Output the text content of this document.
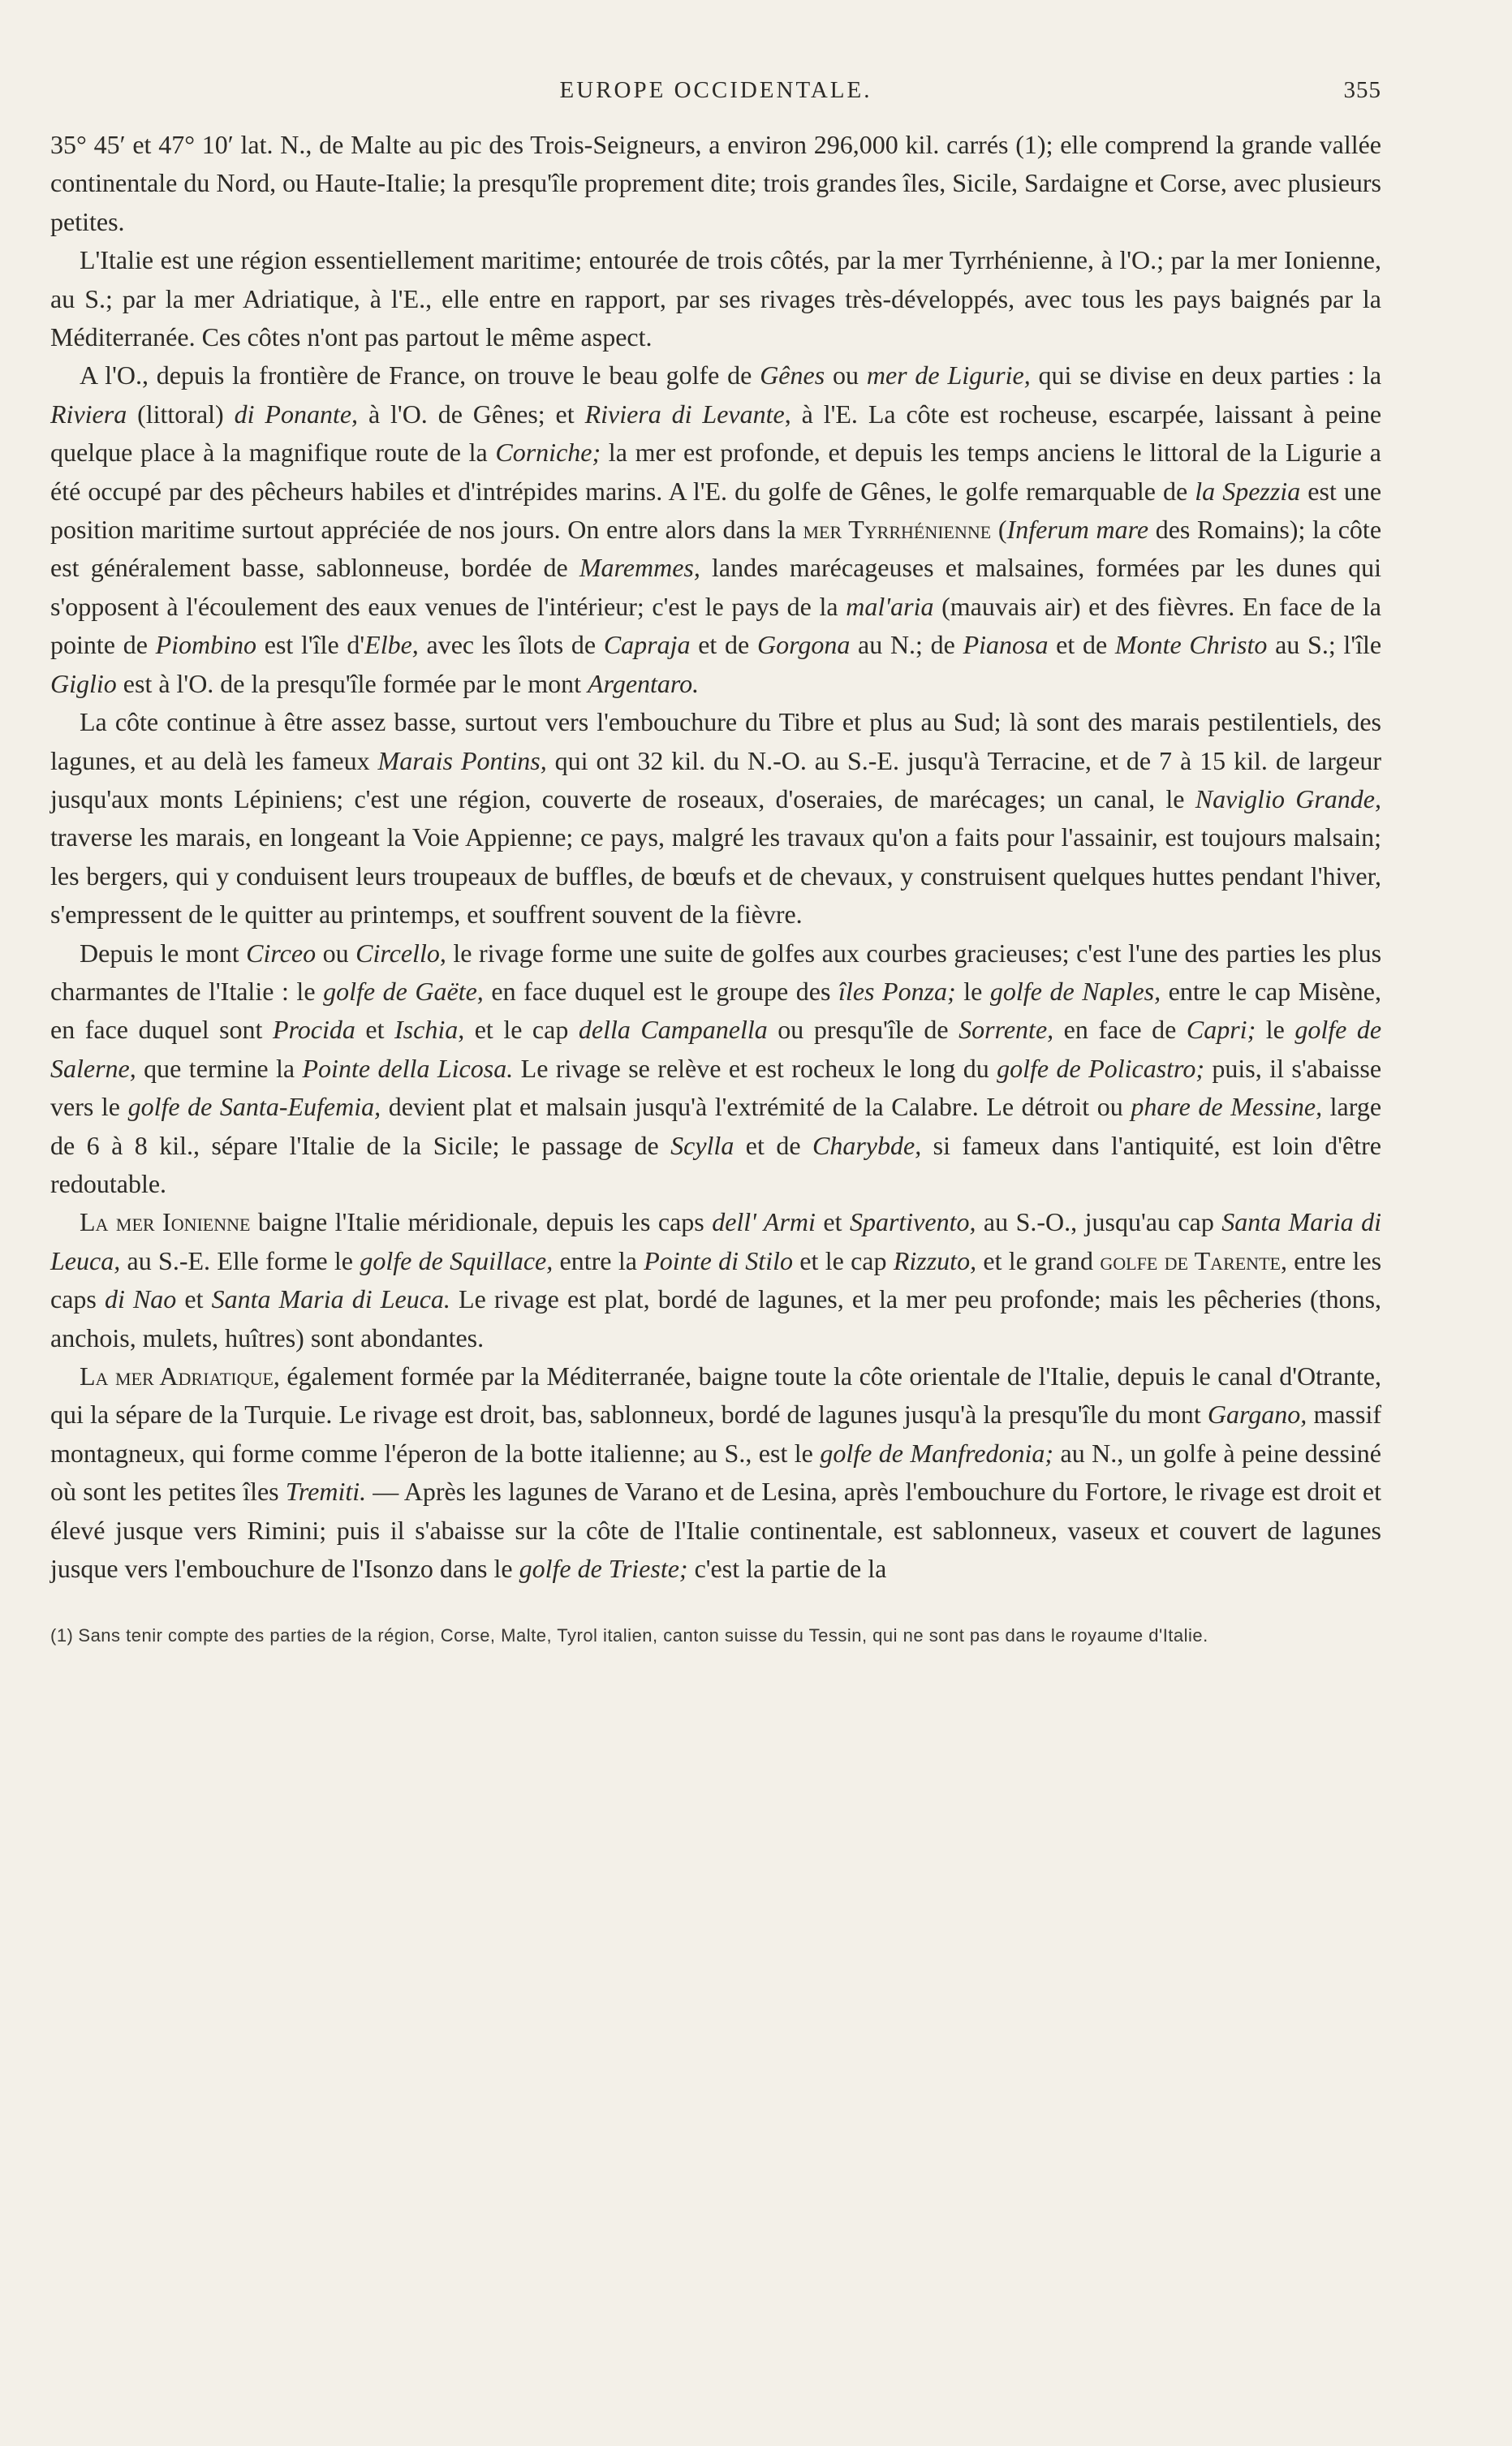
EUROPE OCCIDENTALE.	355

35° 45′ et 47° 10′ lat. N., de Malte au pic des Trois-Seigneurs, a environ 296,000 kil. carrés (1); elle comprend la grande vallée continentale du Nord, ou Haute-Italie; la presqu'île proprement dite; trois grandes îles, Sicile, Sardaigne et Corse, avec plusieurs petites.

L'Italie est une région essentiellement maritime; entourée de trois côtés, par la mer Tyrrhénienne, à l'O.; par la mer Ionienne, au S.; par la mer Adriatique, à l'E., elle entre en rapport, par ses rivages très-développés, avec tous les pays baignés par la Méditerranée. Ces côtes n'ont pas partout le même aspect.

A l'O., depuis la frontière de France, on trouve le beau golfe de Gênes ou mer de Ligurie, qui se divise en deux parties : la Riviera (littoral) di Ponante, à l'O. de Gênes; et Riviera di Levante, à l'E. La côte est rocheuse, escarpée, laissant à peine quelque place à la magnifique route de la Corniche; la mer est profonde, et depuis les temps anciens le littoral de la Ligurie a été occupé par des pêcheurs habiles et d'intrépides marins. A l'E. du golfe de Gênes, le golfe remarquable de la Spezzia est une position maritime surtout appréciée de nos jours. On entre alors dans la mer Tyrrhénienne (Inferum mare des Romains); la côte est généralement basse, sablonneuse, bordée de Maremmes, landes marécageuses et malsaines, formées par les dunes qui s'opposent à l'écoulement des eaux venues de l'intérieur; c'est le pays de la mal'aria (mauvais air) et des fièvres. En face de la pointe de Piombino est l'île d'Elbe, avec les îlots de Capraja et de Gorgona au N.; de Pianosa et de Monte Christo au S.; l'île Giglio est à l'O. de la presqu'île formée par le mont Argentaro.

La côte continue à être assez basse, surtout vers l'embouchure du Tibre et plus au Sud; là sont des marais pestilentiels, des lagunes, et au delà les fameux Marais Pontins, qui ont 32 kil. du N.-O. au S.-E. jusqu'à Terracine, et de 7 à 15 kil. de largeur jusqu'aux monts Lépiniens; c'est une région, couverte de roseaux, d'oseraies, de marécages; un canal, le Naviglio Grande, traverse les marais, en longeant la Voie Appienne; ce pays, malgré les travaux qu'on a faits pour l'assainir, est toujours malsain; les bergers, qui y conduisent leurs troupeaux de buffles, de bœufs et de chevaux, y construisent quelques huttes pendant l'hiver, s'empressent de le quitter au printemps, et souffrent souvent de la fièvre.

Depuis le mont Circeo ou Circello, le rivage forme une suite de golfes aux courbes gracieuses; c'est l'une des parties les plus charmantes de l'Italie : le golfe de Gaëte, en face duquel est le groupe des îles Ponza; le golfe de Naples, entre le cap Misène, en face duquel sont Procida et Ischia, et le cap della Campanella ou presqu'île de Sorrente, en face de Capri; le golfe de Salerne, que termine la Pointe della Licosa. Le rivage se relève et est rocheux le long du golfe de Policastro; puis, il s'abaisse vers le golfe de Santa-Eufemia, devient plat et malsain jusqu'à l'extrémité de la Calabre. Le détroit ou phare de Messine, large de 6 à 8 kil., sépare l'Italie de la Sicile; le passage de Scylla et de Charybde, si fameux dans l'antiquité, est loin d'être redoutable.

La mer Ionienne baigne l'Italie méridionale, depuis les caps dell' Armi et Spartivento, au S.-O., jusqu'au cap Santa Maria di Leuca, au S.-E. Elle forme le golfe de Squillace, entre la Pointe di Stilo et le cap Rizzuto, et le grand golfe de Tarente, entre les caps di Nao et Santa Maria di Leuca. Le rivage est plat, bordé de lagunes, et la mer peu profonde; mais les pêcheries (thons, anchois, mulets, huîtres) sont abondantes.

La mer Adriatique, également formée par la Méditerranée, baigne toute la côte orientale de l'Italie, depuis le canal d'Otrante, qui la sépare de la Turquie. Le rivage est droit, bas, sablonneux, bordé de lagunes jusqu'à la presqu'île du mont Gargano, massif montagneux, qui forme comme l'éperon de la botte italienne; au S., est le golfe de Manfredonia; au N., un golfe à peine dessiné où sont les petites îles Tremiti. — Après les lagunes de Varano et de Lesina, après l'embouchure du Fortore, le rivage est droit et élevé jusque vers Rimini; puis il s'abaisse sur la côte de l'Italie continentale, est sablonneux, vaseux et couvert de lagunes jusque vers l'embouchure de l'Isonzo dans le golfe de Trieste; c'est la partie de la

(1) Sans tenir compte des parties de la région, Corse, Malte, Tyrol italien, canton suisse du Tessin, qui ne sont pas dans le royaume d'Italie.
